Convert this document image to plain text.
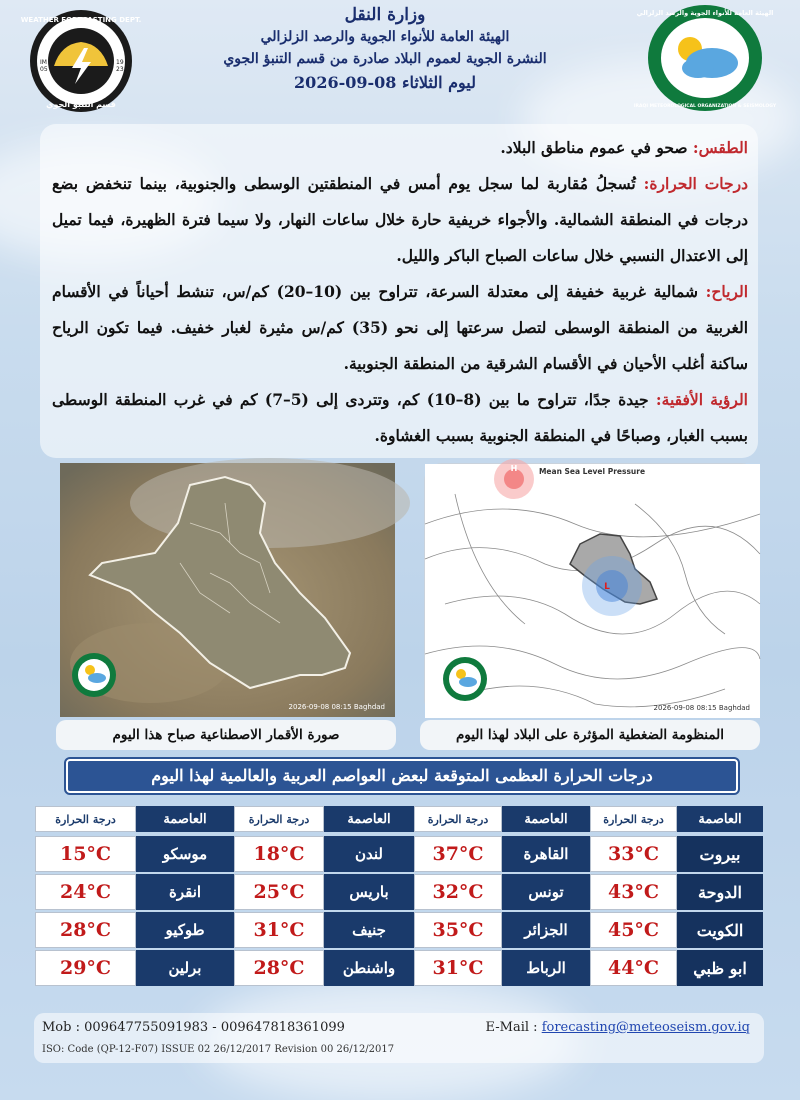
WEATHER FORECASTING DEPT.
IM
05
19
23
قسم التنبؤ الجوي
وزارة النقل
الهيئة العامة للأنواء الجوية والرصد الزلزالي
النشرة الجوية لعموم البلاد صادرة من قسم التنبؤ الجوي
ليوم الثلاثاء 08-09-2026
الهيئة العامة للأنواء الجوية والرصد الزلزالي
IRAQI METEOROLOGICAL ORGANIZATION & SEISMOLOGY

الطقس: صحو في عموم مناطق البلاد.

درجات الحرارة: تُسجلُ مُقاربة لما سجل يوم أمس في المنطقتين الوسطى والجنوبية، بينما تنخفض بضع درجات في المنطقة الشمالية. والأجواء خريفية حارة خلال ساعات النهار، ولا سيما فترة الظهيرة، فيما تميل إلى الاعتدال النسبي خلال ساعات الصباح الباكر والليل.

الرياح: شمالية غربية خفيفة إلى معتدلة السرعة، تتراوح بين (10–20) كم/س، تنشط أحياناً في الأقسام الغربية من المنطقة الوسطى لتصل سرعتها إلى نحو (35) كم/س مثيرة لغبار خفيف. فيما تكون الرياح ساكنة أغلب الأحيان في الأقسام الشرقية من المنطقة الجنوبية.

الرؤية الأفقية: جيدة جدًا، تتراوح ما بين (8–10) كم، وتتردى إلى (5–7) كم في غرب المنطقة الوسطى بسبب الغبار، وصباحًا في المنطقة الجنوبية بسبب الغشاوة.

2026-09-08 08:15 Baghdad
صورة الأقمار الاصطناعية صباح هذا اليوم
Mean Sea Level Pressure
H
L
2026-09-08 08:15 Baghdad
المنظومة الضغطية المؤثرة على البلاد لهذا اليوم
درجات الحرارة العظمى المتوقعة لبعض العواصم العربية والعالمية لهذا اليوم
العاصمة
درجة الحرارة
العاصمة
درجة الحرارة
العاصمة
درجة الحرارة
العاصمة
درجة الحرارة
بيروت
33°C
القاهرة
37°C
لندن
18°C
موسكو
15°C
الدوحة
43°C
تونس
32°C
باريس
25°C
انقرة
24°C
الكويت
45°C
الجزائر
35°C
جنيف
31°C
طوكيو
28°C
ابو ظبي
44°C
الرباط
31°C
واشنطن
28°C
برلين
29°C
Mob : 009647755091983 - 009647818361099	E-Mail : forecasting@meteoseism.gov.iq
ISO: Code (QP-12-F07) ISSUE 02 26/12/2017 Revision 00 26/12/2017
